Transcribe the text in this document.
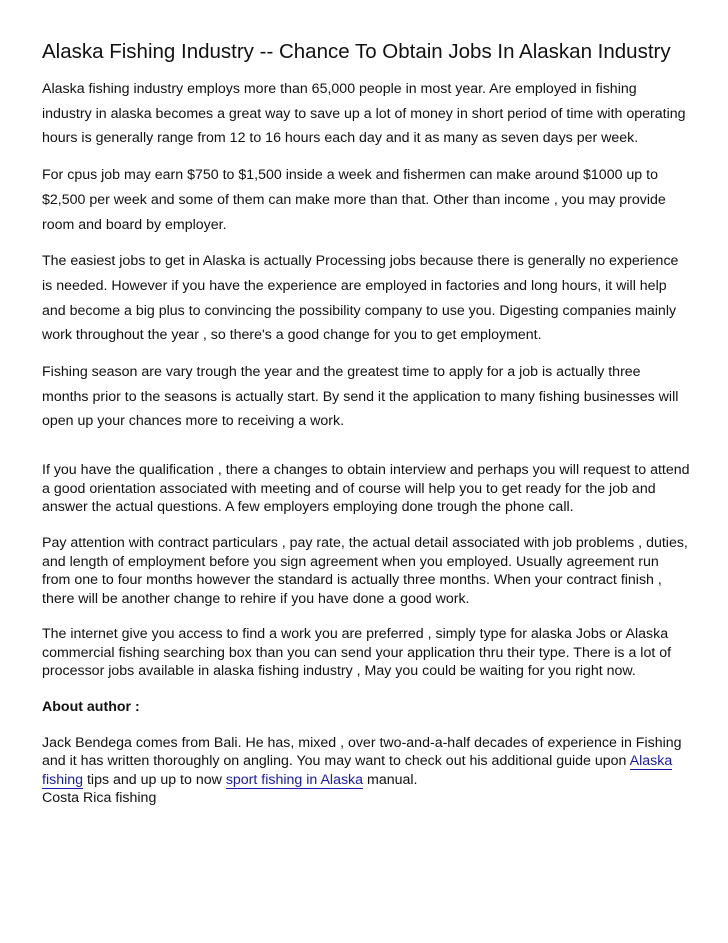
Alaska Fishing Industry -- Chance To Obtain Jobs In Alaskan Industry

Alaska fishing industry employs more than 65,000 people in most year. Are employed in fishing industry in alaska becomes a great way to save up a lot of money in short period of time with operating hours is generally range from 12 to 16 hours each day and it as many as seven days per week.

For cpus job may earn $750 to $1,500 inside a week and fishermen can make around $1000 up to $2,500 per week and some of them can make more than that. Other than income , you may provide room and board by employer.

The easiest jobs to get in Alaska is actually Processing jobs because there is generally no experience is needed. However if you have the experience are employed in factories and long hours, it will help and become a big plus to convincing the possibility company to use you. Digesting companies mainly work throughout the year , so there's a good change for you to get employment.

Fishing season are vary trough the year and the greatest time to apply for a job is actually three months prior to the seasons is actually start. By send it the application to many fishing businesses will open up your chances more to receiving a work.

If you have the qualification , there a changes to obtain interview and perhaps you will request to attend a good orientation associated with meeting and of course will help you to get ready for the job and answer the actual questions. A few employers employing done trough the phone call.

Pay attention with contract particulars , pay rate, the actual detail associated with job problems , duties, and length of employment before you sign agreement when you employed. Usually agreement run from one to four months however the standard is actually three months. When your contract finish , there will be another change to rehire if you have done a good work.

The internet give you access to find a work you are preferred , simply type for alaska Jobs or Alaska commercial fishing searching box than you can send your application thru their type. There is a lot of processor jobs available in alaska fishing industry , May you could be waiting for you right now.

About author :

Jack Bendega comes from Bali. He has, mixed , over two-and-a-half decades of experience in Fishing and it has written thoroughly on angling. You may want to check out his additional guide upon Alaska fishing tips and up up to now sport fishing in Alaska manual.

Costa Rica fishing
